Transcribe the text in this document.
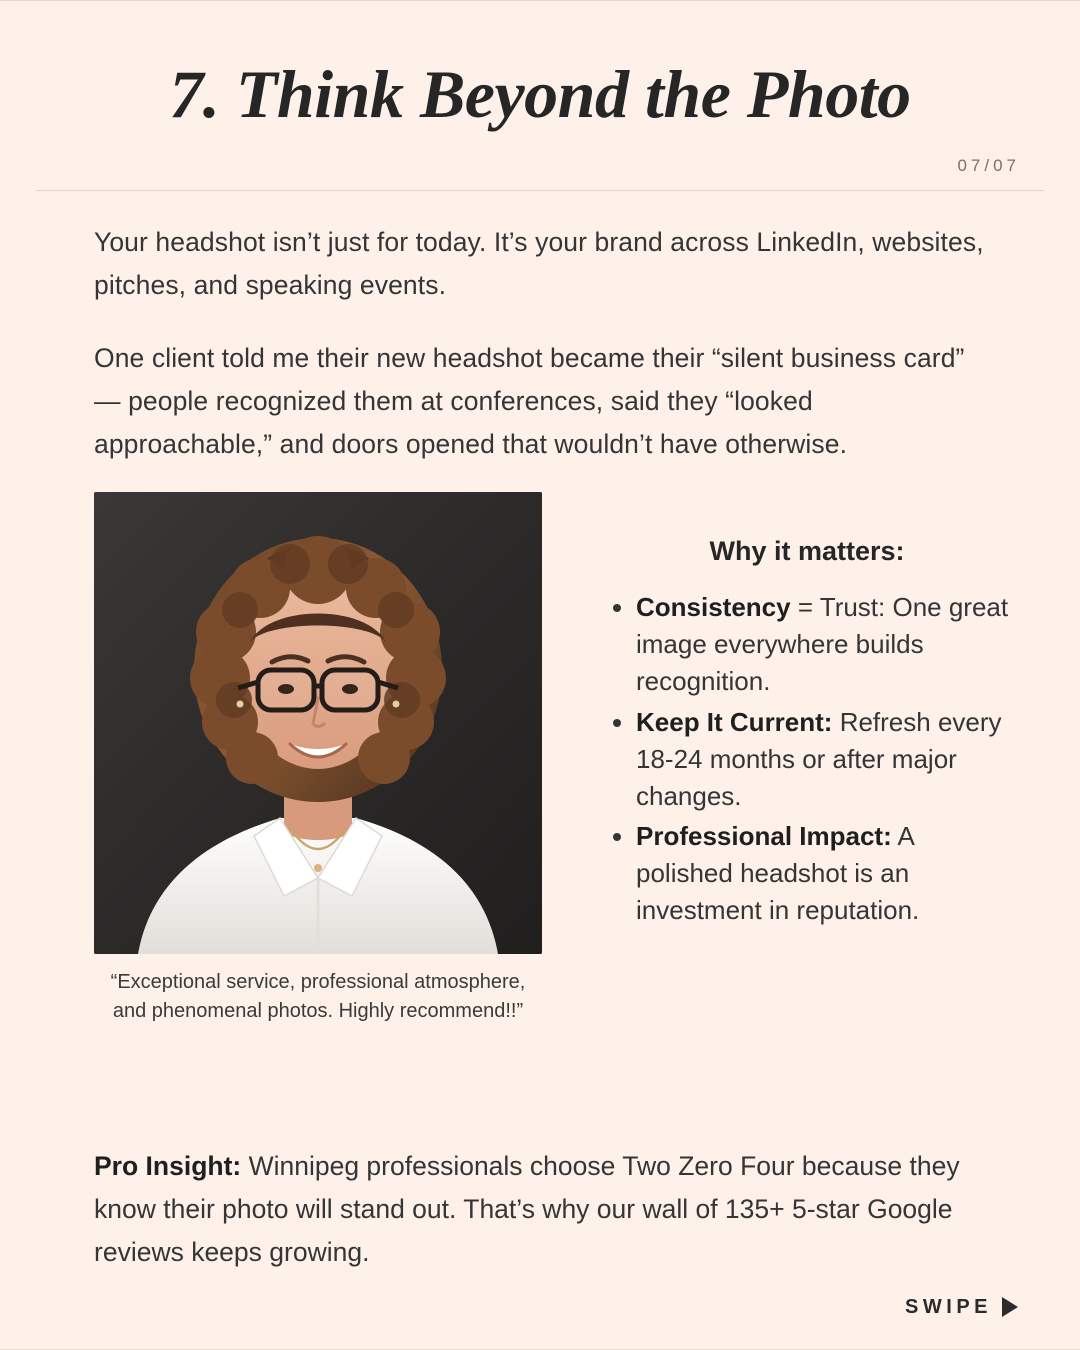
7. Think Beyond the Photo
07/07

Your headshot isn’t just for today. It’s your brand across LinkedIn, websites, pitches, and speaking events.

One client told me their new headshot became their “silent business card” — people recognized them at conferences, said they “looked approachable,” and doors opened that wouldn’t have otherwise.

“Exceptional service, professional atmosphere, and phenomenal photos. Highly recommend!!”
Why it matters:
• Consistency = Trust: One great image everywhere builds recognition.
• Keep It Current: Refresh every 18-24 months or after major changes.
• Professional Impact: A polished headshot is an investment in reputation.

Pro Insight: Winnipeg professionals choose Two Zero Four because they know their photo will stand out. That’s why our wall of 135+ 5-star Google reviews keeps growing.

SWIPE
